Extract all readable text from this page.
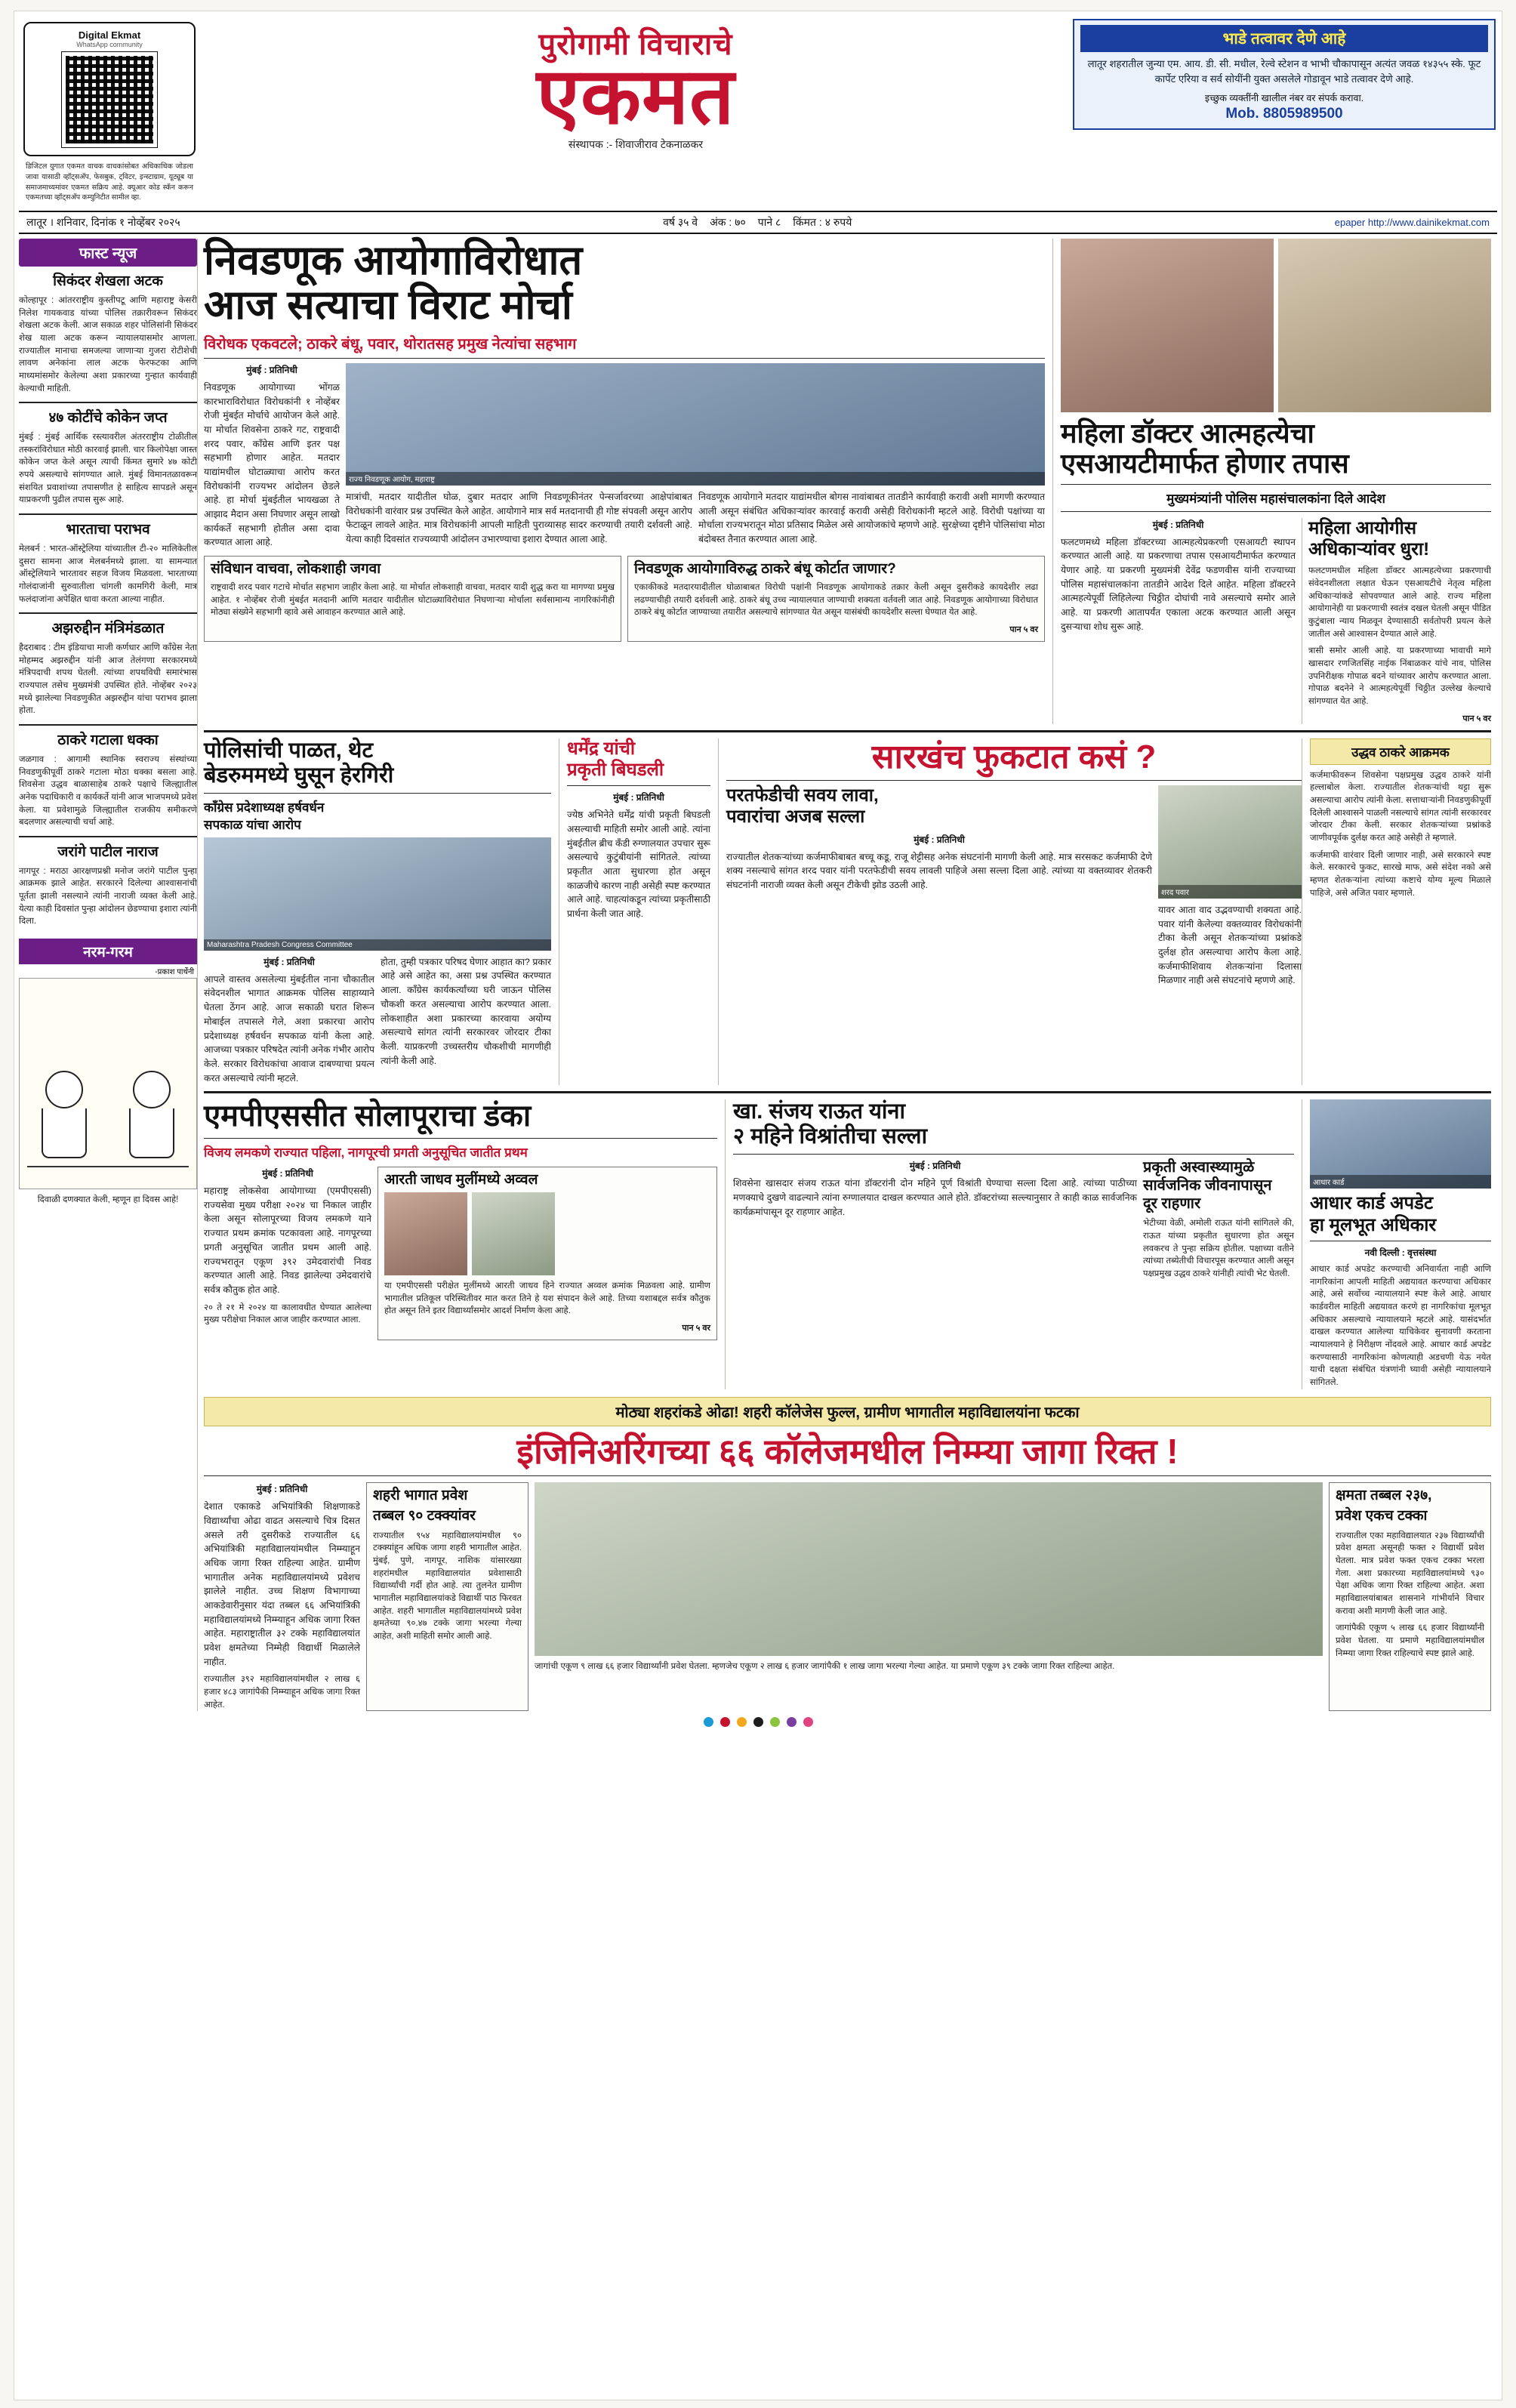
Digital Ekmat
WhatsApp community
डिजिटल युगात एकमत वाचक वाचकांसोबत अधिकाधिक जोडला जावा यासाठी व्हॉट्सअ‍ॅप, फेसबुक, ट्विटर, इन्स्टाग्राम, यूट्यूब या समाजमाध्यमांवर एकमत सक्रिय आहे. क्यूआर कोड स्कॅन करून एकमतच्या व्हॉट्सअ‍ॅप कम्युनिटीत सामील व्हा.
पुरोगामी विचाराचे
एकमत
संस्थापक :- शिवाजीराव टेकनाळकर
भाडे तत्वावर देणे आहे
लातूर शहरातील जुन्या एम. आय. डी. सी. मधील, रेल्वे स्टेशन व भाभी चौकापासून अत्यंत जवळ १४३५५ स्के. फूट कार्पेट एरिया व सर्व सोयींनी युक्त असलेले गोडावून भाडे तत्वावर देणे आहे.
इच्छुक व्यक्तींनी खालील नंबर वर संपर्क करावा.
Mob. 8805989500
लातूर । शनिवार, दिनांक १ नोव्हेंबर २०२५	वर्ष ३५ वे अंक : ७० पाने ८ किंमत : ४ रुपये	epaper http://www.dainikekmat.com
फास्ट न्यूज
सिकंदर शेखला अटक
कोल्हापूर : आंतरराष्ट्रीय कुस्तीपटू आणि महाराष्ट्र केसरी निलेश गायकवाड यांच्या पोलिस तक्रारीवरून सिकंदर शेखला अटक केली. आज सकाळ शहर पोलिसांनी सिकंदर शेख याला अटक करून न्यायालयासमोर आणला. राज्यातील मानाचा समजल्या जाणाऱ्या गुजरा रोटीशेची लावण अनेकांना लाल अटक फेरफटका आणि माध्यमांसमोर केलेल्या अशा प्रकारच्या गुन्हात कार्यवाही केल्याची माहिती.
४७ कोटींचे कोकेन जप्त
मुंबई : मुंबई आर्थिक रस्त्यावरील अंतरराष्ट्रीय टोळीतील तस्करांविरोधात मोठी कारवाई झाली. चार किलोपेक्षा जास्त कोकेन जप्त केले असून त्याची किंमत सुमारे ४७ कोटी रुपये असल्याचे सांगण्यात आले. मुंबई विमानतळावरून संशयित प्रवाशांच्या तपासणीत हे साहित्य सापडले असून याप्रकरणी पुढील तपास सुरू आहे.
भारताचा पराभव
मेलबर्न : भारत-ऑस्ट्रेलिया यांच्यातील टी-२० मालिकेतील दुसरा सामना आज मेलबर्नमध्ये झाला. या सामन्यात ऑस्ट्रेलियाने भारतावर सहज विजय मिळवला. भारताच्या गोलंदाजांनी सुरुवातीला चांगली कामगिरी केली, मात्र फलंदाजांना अपेक्षित धावा करता आल्या नाहीत.
अझरुद्दीन मंत्रिमंडळात
हैदराबाद : टीम इंडियाचा माजी कर्णधार आणि काँग्रेस नेता मोहम्मद अझरुद्दीन यांनी आज तेलंगणा सरकारमध्ये मंत्रिपदाची शपथ घेतली. त्यांच्या शपथविधी समारंभास राज्यपाल तसेच मुख्यमंत्री उपस्थित होते. नोव्हेंबर २०२३ मध्ये झालेल्या निवडणुकीत अझरुद्दीन यांचा पराभव झाला होता.
ठाकरे गटाला धक्का
जळगाव : आगामी स्थानिक स्वराज्य संस्थांच्या निवडणुकीपूर्वी ठाकरे गटाला मोठा धक्का बसला आहे. शिवसेना उद्धव बाळासाहेब ठाकरे पक्षाचे जिल्ह्यातील अनेक पदाधिकारी व कार्यकर्ते यांनी आज भाजपमध्ये प्रवेश केला. या प्रवेशामुळे जिल्ह्यातील राजकीय समीकरणे बदलणार असल्याची चर्चा आहे.
जरांगे पाटील नाराज
नागपूर : मराठा आरक्षणप्रश्नी मनोज जरांगे पाटील पुन्हा आक्रमक झाले आहेत. सरकारने दिलेल्या आश्वासनांची पूर्तता झाली नसल्याने त्यांनी नाराजी व्यक्त केली आहे. येत्या काही दिवसांत पुन्हा आंदोलन छेडण्याचा इशारा त्यांनी दिला.
नरम-गरम
-प्रकाश पार्थेनी
दिवाळी दणक्यात केली, म्हणून हा दिवस आहे!
निवडणूक आयोगाविरोधात
आज सत्याचा विराट मोर्चा
विरोधक एकवटले; ठाकरे बंधू, पवार, थोरातसह प्रमुख नेत्यांचा सहभाग
मुंबई : प्रतिनिधी
निवडणूक आयोगाच्या भोंगळ कारभाराविरोधात विरोधकांनी १ नोव्हेंबर रोजी मुंबईत मोर्चाचे आयोजन केले आहे. या मोर्चात शिवसेना ठाकरे गट, राष्ट्रवादी शरद पवार, काँग्रेस आणि इतर पक्ष सहभागी होणार आहेत. मतदार याद्यांमधील घोटाळ्याचा आरोप करत विरोधकांनी राज्यभर आंदोलन छेडले आहे. हा मोर्चा मुंबईतील भायखळा ते आझाद मैदान असा निघणार असून लाखो कार्यकर्ते सहभागी होतील असा दावा करण्यात आला आहे.
राज्य निवडणूक आयोग, महाराष्ट्र
मात्रांची, मतदार यादीतील घोळ, दुबार मतदार आणि निवडणूकीनंतर पेन्सर्जावरच्या आक्षेपांबाबत विरोधकांनी वारंवार प्रश्न उपस्थित केले आहेत. आयोगाने मात्र सर्व मतदानाची ही गोष्ट संपवली असून आरोप फेटाळून लावले आहेत. मात्र विरोधकांनी आपली माहिती पुराव्यासह सादर करण्याची तयारी दर्शवली आहे. येत्या काही दिवसांत राज्यव्यापी आंदोलन उभारण्याचा इशारा देण्यात आला आहे.
निवडणूक आयोगाने मतदार याद्यांमधील बोगस नावांबाबत तातडीने कार्यवाही करावी अशी मागणी करण्यात आली असून संबंधित अधिकाऱ्यांवर कारवाई करावी असेही विरोधकांनी म्हटले आहे. विरोधी पक्षांच्या या मोर्चाला राज्यभरातून मोठा प्रतिसाद मिळेल असे आयोजकांचे म्हणणे आहे. सुरक्षेच्या दृष्टीने पोलिसांचा मोठा बंदोबस्त तैनात करण्यात आला आहे.
संविधान वाचवा, लोकशाही जगवा
राष्ट्रवादी शरद पवार गटाचे मोर्चात सहभाग जाहीर केला आहे. या मोर्चात लोकशाही वाचवा, मतदार यादी शुद्ध करा या मागण्या प्रमुख आहेत. १ नोव्हेंबर रोजी मुंबईत मतदानी आणि मतदार यादीतील घोटाळ्याविरोधात निघणाऱ्या मोर्चाला सर्वसामान्य नागरिकांनीही मोठ्या संख्येने सहभागी व्हावे असे आवाहन करण्यात आले आहे.
निवडणूक आयोगाविरुद्ध ठाकरे बंधू कोर्टात जाणार?
एकाकीकडे मतदारयादीतील घोळाबाबत विरोधी पक्षांनी निवडणूक आयोगाकडे तक्रार केली असून दुसरीकडे कायदेशीर लढा लढण्याचीही तयारी दर्शवली आहे. ठाकरे बंधू उच्च न्यायालयात जाण्याची शक्यता वर्तवली जात आहे. निवडणूक आयोगाच्या विरोधात ठाकरे बंधू कोर्टात जाण्याच्या तयारीत असल्याचे सांगण्यात येत असून यासंबंधी कायदेशीर सल्ला घेण्यात येत आहे.
पान ५ वर
महिला डॉक्टर आत्महत्येचा
एसआयटीमार्फत होणार तपास
मुख्यमंत्र्यांनी पोलिस महासंचालकांना दिले आदेश
मुंबई : प्रतिनिधी
फलटणमध्ये महिला डॉक्टरच्या आत्महत्येप्रकरणी एसआयटी स्थापन करण्यात आली आहे. या प्रकरणाचा तपास एसआयटीमार्फत करण्यात येणार आहे. या प्रकरणी मुख्यमंत्री देवेंद्र फडणवीस यांनी राज्याच्या पोलिस महासंचालकांना तातडीने आदेश दिले आहेत. महिला डॉक्टरने आत्महत्येपूर्वी लिहिलेल्या चिठ्ठीत दोघांची नावे असल्याचे समोर आले आहे. या प्रकरणी आतापर्यंत एकाला अटक करण्यात आली असून दुसऱ्याचा शोध सुरू आहे.
महिला आयोगीस
अधिकाऱ्यांवर धुरा!
फलटणमधील महिला डॉक्टर आत्महत्येच्या प्रकरणाची संवेदनशीलता लक्षात घेऊन एसआयटीचे नेतृत्व महिला अधिकाऱ्यांकडे सोपवण्यात आले आहे. राज्य महिला आयोगानेही या प्रकरणाची स्वतंत्र दखल घेतली असून पीडित कुटुंबाला न्याय मिळवून देण्यासाठी सर्वतोपरी प्रयत्न केले जातील असे आश्वासन देण्यात आले आहे.
त्रासी समोर आली आहे. या प्रकरणाच्या भावाची मागे खासदार रणजितसिंह नाईक निंबाळकर यांचे नाव, पोलिस उपनिरीक्षक गोपाळ बदने यांच्यावर आरोप करण्यात आला. गोपाळ बदनेने ने आत्महत्येपूर्वी चिठ्ठीत उल्लेख केल्याचे सांगण्यात येत आहे.
पान ५ वर
पोलिसांची पाळत, थेट
बेडरुममध्ये घुसून हेरगिरी
काँग्रेस प्रदेशाध्यक्ष हर्षवर्धन
सपकाळ यांचा आरोप
Maharashtra Pradesh Congress Committee
मुंबई : प्रतिनिधी
आपले वास्तव असलेल्या मुंबईतील नाना चौकातील संवेदनशील भागात आक्रमक पोलिस साहाय्याने घेतला ठेंगन आहे. आज सकाळी घरात शिरून मोबाईल तपासले गेले, अशा प्रकारचा आरोप प्रदेशाध्यक्ष हर्षवर्धन सपकाळ यांनी केला आहे. आजच्या पत्रकार परिषदेत त्यांनी अनेक गंभीर आरोप केले. सरकार विरोधकांचा आवाज दाबण्याचा प्रयत्न करत असल्याचे त्यांनी म्हटले.
होता, तुम्ही पत्रकार परिषद घेणार आहात का? प्रकार आहे असे आहेत का, असा प्रश्न उपस्थित करण्यात आला. काँग्रेस कार्यकर्त्यांच्या घरी जाऊन पोलिस चौकशी करत असल्याचा आरोप करण्यात आला. लोकशाहीत अशा प्रकारच्या कारवाया अयोग्य असल्याचे सांगत त्यांनी सरकारवर जोरदार टीका केली. याप्रकरणी उच्चस्तरीय चौकशीची मागणीही त्यांनी केली आहे.
धर्मेंद्र यांची
प्रकृती बिघडली
मुंबई : प्रतिनिधी
ज्येष्ठ अभिनेते धर्मेंद्र यांची प्रकृती बिघडली असल्याची माहिती समोर आली आहे. त्यांना मुंबईतील ब्रीच कँडी रुग्णालयात उपचार सुरू असल्याचे कुटुंबीयांनी सांगितले. त्यांच्या प्रकृतीत आता सुधारणा होत असून काळजीचे कारण नाही असेही स्पष्ट करण्यात आले आहे. चाहत्यांकडून त्यांच्या प्रकृतीसाठी प्रार्थना केली जात आहे.
सारखंच फुकटात कसं ?
परतफेडीची सवय लावा,
पवारांचा अजब सल्ला
मुंबई : प्रतिनिधी
राज्यातील शेतकऱ्यांच्या कर्जमाफीबाबत बच्चू कडू, राजू शेट्टीसह अनेक संघटनांनी मागणी केली आहे. मात्र सरसकट कर्जमाफी देणे शक्य नसल्याचे सांगत शरद पवार यांनी परतफेडीची सवय लावली पाहिजे असा सल्ला दिला आहे. त्यांच्या या वक्तव्यावर शेतकरी संघटनांनी नाराजी व्यक्त केली असून टीकेची झोड उठली आहे.
शरद पवार
यावर आता वाद उद्भवण्याची शक्यता आहे. पवार यांनी केलेल्या वक्तव्यावर विरोधकांनी टीका केली असून शेतकऱ्यांच्या प्रश्नांकडे दुर्लक्ष होत असल्याचा आरोप केला आहे. कर्जमाफीशिवाय शेतकऱ्यांना दिलासा मिळणार नाही असे संघटनांचे म्हणणे आहे.
उद्धव ठाकरे आक्रमक
कर्जमाफीवरून शिवसेना पक्षप्रमुख उद्धव ठाकरे यांनी हल्लाबोल केला. राज्यातील शेतकऱ्यांची थट्टा सुरू असल्याचा आरोप त्यांनी केला. सत्ताधाऱ्यांनी निवडणुकीपूर्वी दिलेली आश्वासने पाळली नसल्याचे सांगत त्यांनी सरकारवर जोरदार टीका केली. सरकार शेतकऱ्यांच्या प्रश्नांकडे जाणीवपूर्वक दुर्लक्ष करत आहे असेही ते म्हणाले.
कर्जमाफी वारंवार दिली जाणार नाही, असे सरकारने स्पष्ट केले. सरकारचे फुकट, सारखे माफ, असे संदेश नको असे म्हणत शेतकऱ्यांना त्यांच्या कष्टाचे योग्य मूल्य मिळाले पाहिजे, असे अजित पवार म्हणाले.
एमपीएससीत सोलापूराचा डंका
विजय लमकणे राज्यात पहिला, नागपूरची प्रगती अनुसूचित जातीत प्रथम
मुंबई : प्रतिनिधी
महाराष्ट्र लोकसेवा आयोगाच्या (एमपीएससी) राज्यसेवा मुख्य परीक्षा २०२४ चा निकाल जाहीर केला असून सोलापूरच्या विजय लमकणे याने राज्यात प्रथम क्रमांक पटकावला आहे. नागपूरच्या प्रगती अनुसूचित जातीत प्रथम आली आहे. राज्यभरातून एकूण ३९२ उमेदवारांची निवड करण्यात आली आहे. निवड झालेल्या उमेदवारांचे सर्वत्र कौतुक होत आहे.
२० ते २१ मे २०२४ या कालावधीत घेण्यात आलेल्या मुख्य परीक्षेचा निकाल आज जाहीर करण्यात आला.
आरती जाधव मुलींमध्ये अव्वल
या एमपीएससी परीक्षेत मुलींमध्ये आरती जाधव हिने राज्यात अव्वल क्रमांक मिळवला आहे. ग्रामीण भागातील प्रतिकूल परिस्थितीवर मात करत तिने हे यश संपादन केले आहे. तिच्या यशाबद्दल सर्वत्र कौतुक होत असून तिने इतर विद्यार्थ्यांसमोर आदर्श निर्माण केला आहे.
पान ५ वर
खा. संजय राऊत यांना
२ महिने विश्रांतीचा सल्ला
मुंबई : प्रतिनिधी
शिवसेना खासदार संजय राऊत यांना डॉक्टरांनी दोन महिने पूर्ण विश्रांती घेण्याचा सल्ला दिला आहे. त्यांच्या पाठीच्या मणक्याचे दुखणे वाढल्याने त्यांना रुग्णालयात दाखल करण्यात आले होते. डॉक्टरांच्या सल्ल्यानुसार ते काही काळ सार्वजनिक कार्यक्रमांपासून दूर राहणार आहेत.
प्रकृती अस्वास्थ्यामुळे
सार्वजनिक जीवनापासून
दूर राहणार
भेटीच्या वेळी, अमोली राऊत यांनी सांगितले की, राऊत यांच्या प्रकृतीत सुधारणा होत असून लवकरच ते पुन्हा सक्रिय होतील. पक्षाच्या वतीने त्यांच्या तब्येतीची विचारपूस करण्यात आली असून पक्षप्रमुख उद्धव ठाकरे यांनीही त्यांची भेट घेतली.
आधार कार्ड
आधार कार्ड अपडेट
हा मूलभूत अधिकार
नवी दिल्ली : वृत्तसंस्था
आधार कार्ड अपडेट करण्याची अनिवार्यता नाही आणि नागरिकांना आपली माहिती अद्ययावत करण्याचा अधिकार आहे, असे सर्वोच्च न्यायालयाने स्पष्ट केले आहे. आधार कार्डवरील माहिती अद्ययावत करणे हा नागरिकांचा मूलभूत अधिकार असल्याचे न्यायालयाने म्हटले आहे. यासंदर्भात दाखल करण्यात आलेल्या याचिकेवर सुनावणी करताना न्यायालयाने हे निरीक्षण नोंदवले आहे. आधार कार्ड अपडेट करण्यासाठी नागरिकांना कोणत्याही अडचणी येऊ नयेत याची दक्षता संबंधित यंत्रणांनी घ्यावी असेही न्यायालयाने सांगितले.
मोठ्या शहरांकडे ओढा! शहरी कॉलेजेस फुल्ल, ग्रामीण भागातील महाविद्यालयांना फटका
इंजिनिअरिंगच्या ६६ कॉलेजमधील निम्म्या जागा रिक्त !
मुंबई : प्रतिनिधी
देशात एकाकडे अभियांत्रिकी शिक्षणाकडे विद्यार्थ्यांचा ओढा वाढत असल्याचे चित्र दिसत असले तरी दुसरीकडे राज्यातील ६६ अभियांत्रिकी महाविद्यालयांमधील निम्म्याहून अधिक जागा रिक्त राहिल्या आहेत. ग्रामीण भागातील अनेक महाविद्यालयांमध्ये प्रवेशच झालेले नाहीत. उच्च शिक्षण विभागाच्या आकडेवारीनुसार यंदा तब्बल ६६ अभियांत्रिकी महाविद्यालयांमध्ये निम्म्याहून अधिक जागा रिक्त आहेत. महाराष्ट्रातील ३२ टक्के महाविद्यालयांत प्रवेश क्षमतेच्या निम्मेही विद्यार्थी मिळालेले नाहीत.
राज्यातील ३९२ महाविद्यालयांमधील २ लाख ६ हजार ४८३ जागांपैकी निम्म्याहून अधिक जागा रिक्त आहेत.
शहरी भागात प्रवेश
तब्बल ९० टक्क्यांवर
राज्यातील ९५४ महाविद्यालयांमधील ९० टक्क्यांहून अधिक जागा शहरी भागातील आहेत. मुंबई, पुणे, नागपूर, नाशिक यांसारख्या शहरांमधील महाविद्यालयांत प्रवेशासाठी विद्यार्थ्यांची गर्दी होत आहे. त्या तुलनेत ग्रामीण भागातील महाविद्यालयांकडे विद्यार्थी पाठ फिरवत आहेत. शहरी भागातील महाविद्यालयांमध्ये प्रवेश क्षमतेच्या ९०.४७ टक्के जागा भरल्या गेल्या आहेत, अशी माहिती समोर आली आहे.
जागांची एकूण ९ लाख ६६ हजार विद्यार्थ्यांनी प्रवेश घेतला. म्हणजेच एकूण २ लाख ६ हजार जागांपैकी १ लाख जागा भरल्या गेल्या आहेत. या प्रमाणे एकूण ३९ टक्के जागा रिक्त राहिल्या आहेत.
क्षमता तब्बल २३७,
प्रवेश एकच टक्का
राज्यातील एका महाविद्यालयात २३७ विद्यार्थ्यांची प्रवेश क्षमता असूनही फक्त २ विद्यार्थी प्रवेश घेतला. मात्र प्रवेश फक्त एकच टक्का भरला गेला. अशा प्रकारच्या महाविद्यालयांमध्ये ९३० पेक्षा अधिक जागा रिक्त राहिल्या आहेत. अशा महाविद्यालयांबाबत शासनाने गांभीर्याने विचार करावा अशी मागणी केली जात आहे.
जागांपैकी एकूण ५ लाख ६६ हजार विद्यार्थ्यांनी प्रवेश घेतला. या प्रमाणे महाविद्यालयांमधील निम्म्या जागा रिक्त राहिल्याचे स्पष्ट झाले आहे.
